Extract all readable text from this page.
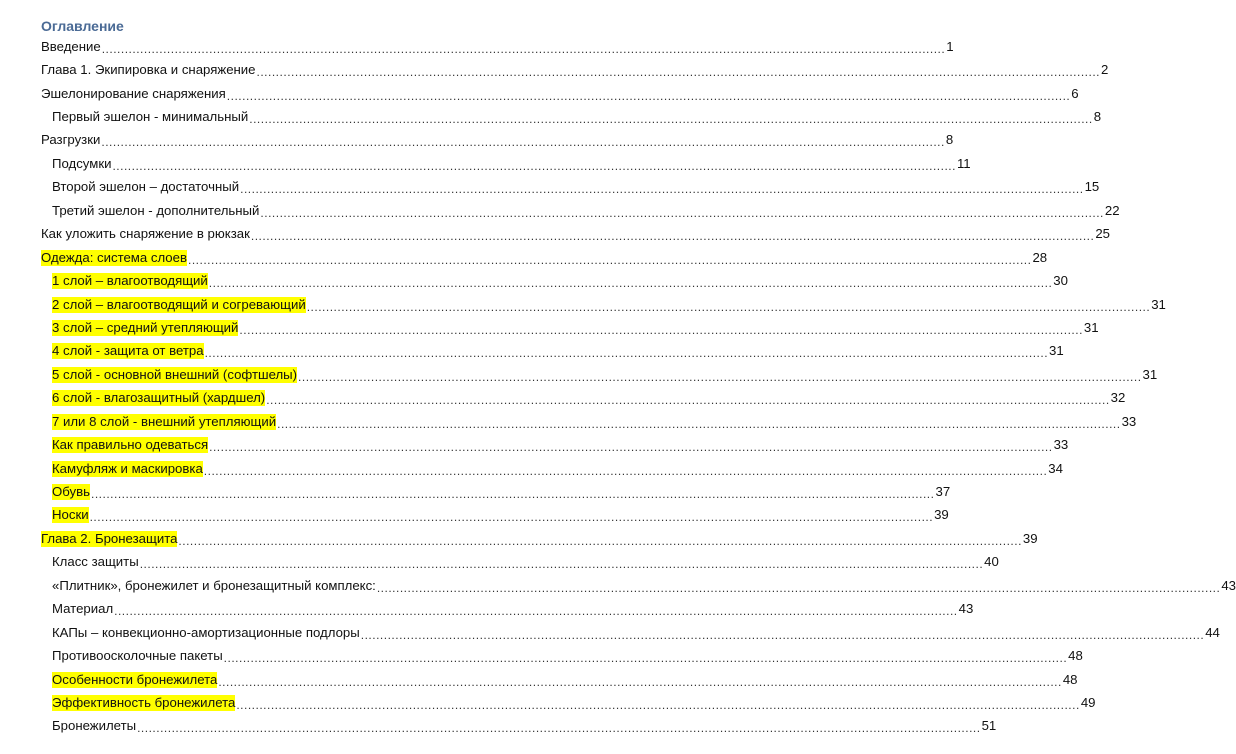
Оглавление
Введение ............................................................................................................................................................................................................................ 1
Глава 1. Экипировка и снаряжение ............................................................................................................................................................................................................................ 2
Эшелонирование снаряжения ............................................................................................................................................................................................................................ 6
Первый эшелон - минимальный ............................................................................................................................................................................................................................ 8
Разгрузки ............................................................................................................................................................................................................................ 8
Подсумки ............................................................................................................................................................................................................................ 11
Второй эшелон – достаточный ............................................................................................................................................................................................................................ 15
Третий эшелон - дополнительный ............................................................................................................................................................................................................................ 22
Как уложить снаряжение в рюкзак ............................................................................................................................................................................................................................ 25
Одежда: система слоев ............................................................................................................................................................................................................................ 28
1 слой – влагоотводящий ............................................................................................................................................................................................................................ 30
2 слой – влагоотводящий и согревающий ............................................................................................................................................................................................................................ 31
3 слой – средний утепляющий ............................................................................................................................................................................................................................ 31
4 слой - защита от ветра ............................................................................................................................................................................................................................ 31
5 слой - основной внешний (софтшелы) ............................................................................................................................................................................................................................ 31
6 слой - влагозащитный (хардшел) ............................................................................................................................................................................................................................ 32
7 или 8 слой - внешний утепляющий ............................................................................................................................................................................................................................ 33
Как правильно одеваться ............................................................................................................................................................................................................................ 33
Камуфляж и маскировка ............................................................................................................................................................................................................................ 34
Обувь ............................................................................................................................................................................................................................ 37
Носки ............................................................................................................................................................................................................................ 39
Глава 2. Бронезащита ............................................................................................................................................................................................................................ 39
Класс защиты ............................................................................................................................................................................................................................ 40
«Плитник», бронежилет и бронезащитный комплекс: ............................................................................................................................................................................................................................ 43
Материал ............................................................................................................................................................................................................................ 43
КАПы – конвекционно-амортизационные подлоры ............................................................................................................................................................................................................................ 44
Противоосколочные пакеты ............................................................................................................................................................................................................................ 48
Особенности бронежилета ............................................................................................................................................................................................................................ 48
Эффективность бронежилета ............................................................................................................................................................................................................................ 49
Бронежилеты ............................................................................................................................................................................................................................ 51
